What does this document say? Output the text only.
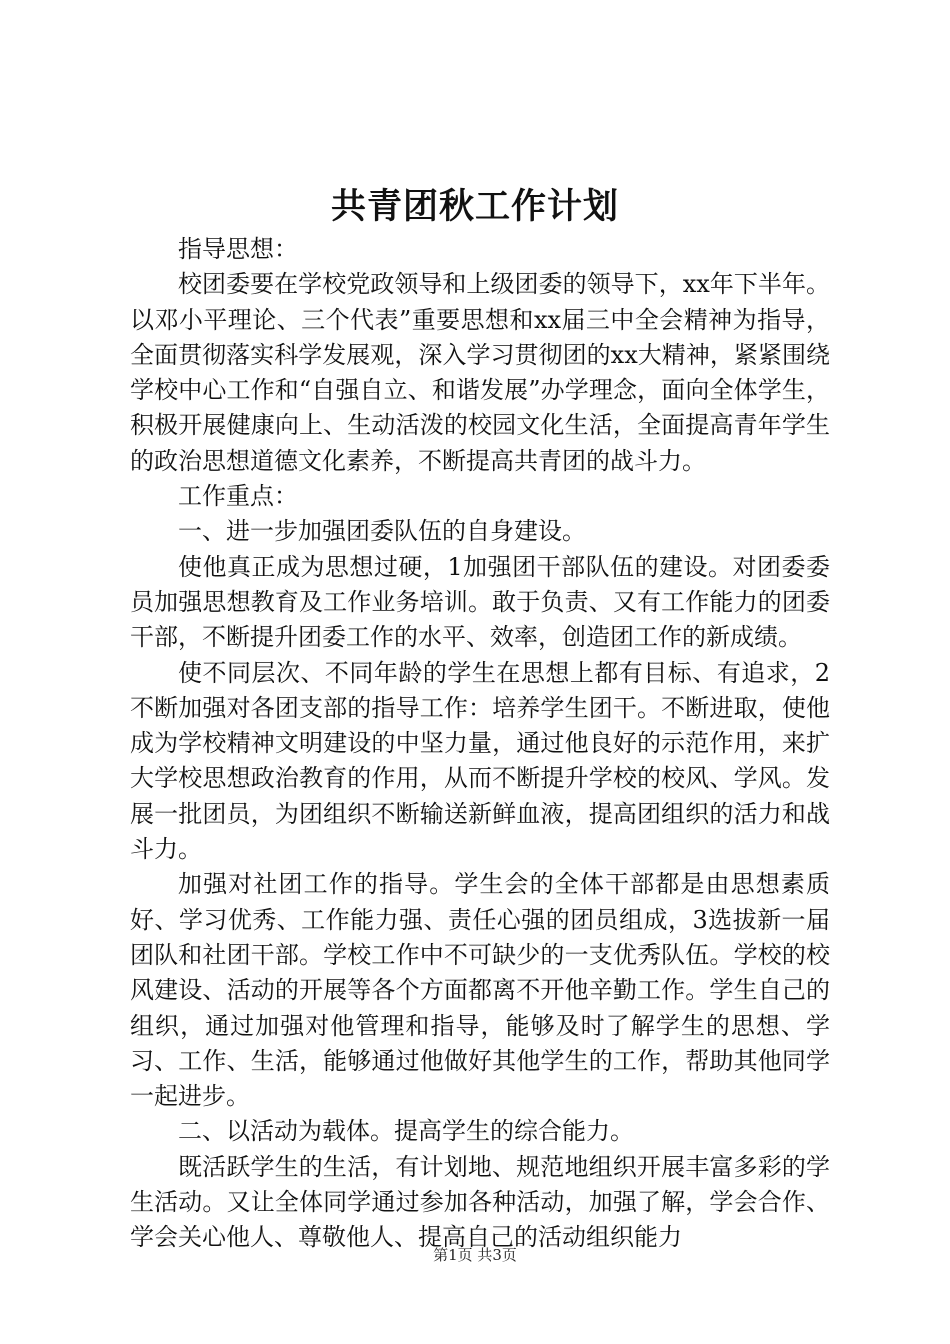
共青团秋工作计划

指导思想：

校团委要在学校党政领导和上级团委的领导下，xx年下半年。以邓小平理论、三个代表”重要思想和xx届三中全会精神为指导，全面贯彻落实科学发展观，深入学习贯彻团的xx大精神，紧紧围绕学校中心工作和“自强自立、和谐发展”办学理念，面向全体学生，积极开展健康向上、生动活泼的校园文化生活，全面提高青年学生的政治思想道德文化素养，不断提高共青团的战斗力。

工作重点：

一、进一步加强团委队伍的自身建设。

使他真正成为思想过硬，1加强团干部队伍的建设。对团委委员加强思想教育及工作业务培训。敢于负责、又有工作能力的团委干部，不断提升团委工作的水平、效率，创造团工作的新成绩。

使不同层次、不同年龄的学生在思想上都有目标、有追求，2不断加强对各团支部的指导工作：培养学生团干。不断进取，使他成为学校精神文明建设的中坚力量，通过他良好的示范作用，来扩大学校思想政治教育的作用，从而不断提升学校的校风、学风。发展一批团员，为团组织不断输送新鲜血液，提高团组织的活力和战斗力。

加强对社团工作的指导。学生会的全体干部都是由思想素质好、学习优秀、工作能力强、责任心强的团员组成，3选拔新一届团队和社团干部。学校工作中不可缺少的一支优秀队伍。学校的校风建设、活动的开展等各个方面都离不开他辛勤工作。学生自己的组织，通过加强对他管理和指导，能够及时了解学生的思想、学习、工作、生活，能够通过他做好其他学生的工作，帮助其他同学一起进步。

二、以活动为载体。提高学生的综合能力。

既活跃学生的生活，有计划地、规范地组织开展丰富多彩的学生活动。又让全体同学通过参加各种活动，加强了解，学会合作、学会关心他人、尊敬他人、提高自己的活动组织能力

第1页 共3页
